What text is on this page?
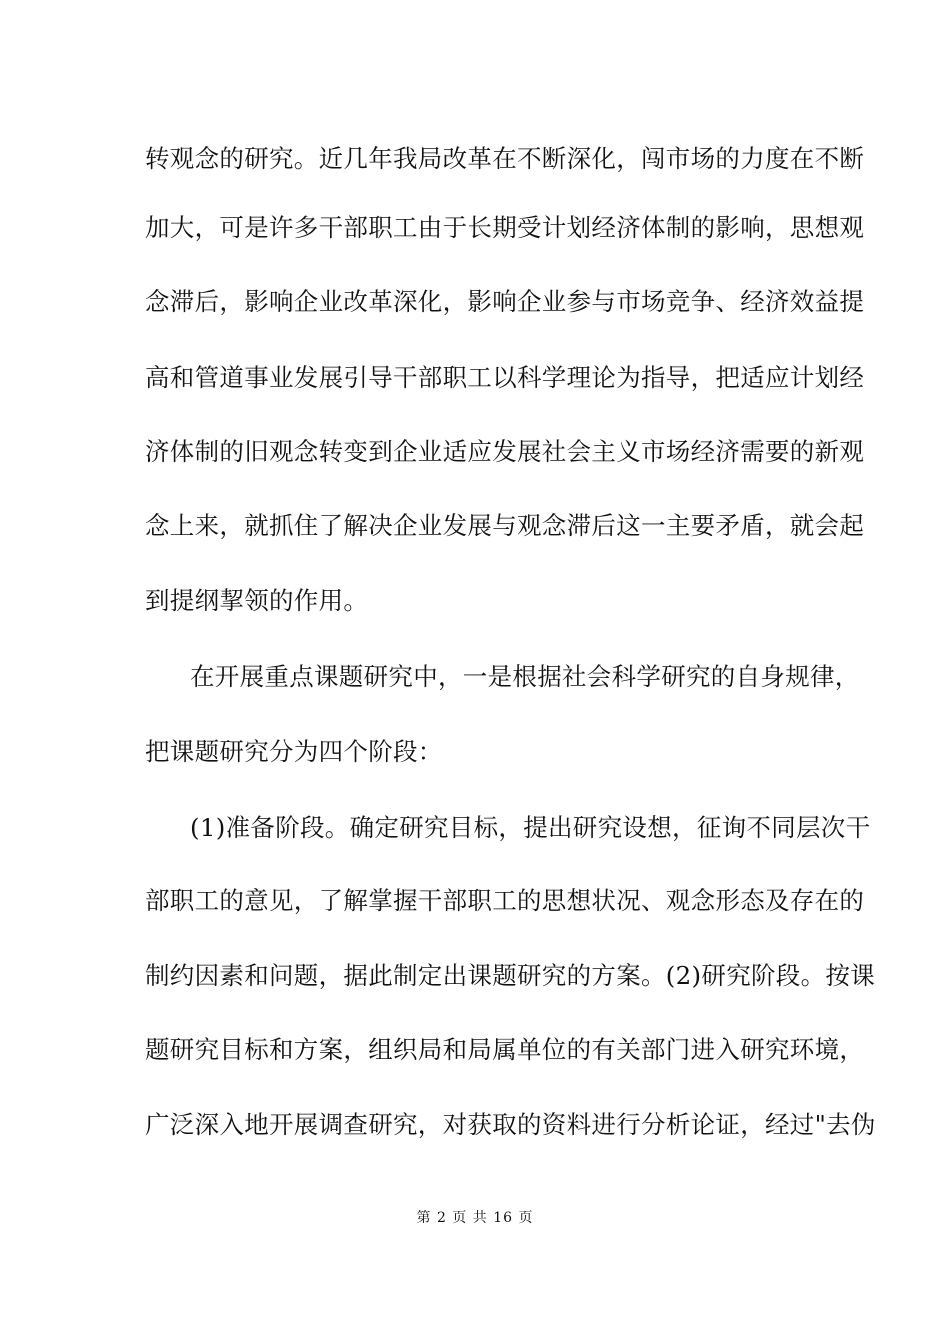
转观念的研究。近几年我局改革在不断深化，闯市场的力度在不断
加大，可是许多干部职工由于长期受计划经济体制的影响，思想观
念滞后，影响企业改革深化，影响企业参与市场竞争、经济效益提
高和管道事业发展引导干部职工以科学理论为指导，把适应计划经
济体制的旧观念转变到企业适应发展社会主义市场经济需要的新观
念上来，就抓住了解决企业发展与观念滞后这一主要矛盾，就会起
到提纲挈领的作用。
在开展重点课题研究中，一是根据社会科学研究的自身规律，
把课题研究分为四个阶段：
(1)准备阶段。确定研究目标，提出研究设想，征询不同层次干
部职工的意见，了解掌握干部职工的思想状况、观念形态及存在的
制约因素和问题，据此制定出课题研究的方案。(2)研究阶段。按课
题研究目标和方案，组织局和局属单位的有关部门进入研究环境，
广泛深入地开展调查研究，对获取的资料进行分析论证，经过"去伪
第 2 页 共 16 页
